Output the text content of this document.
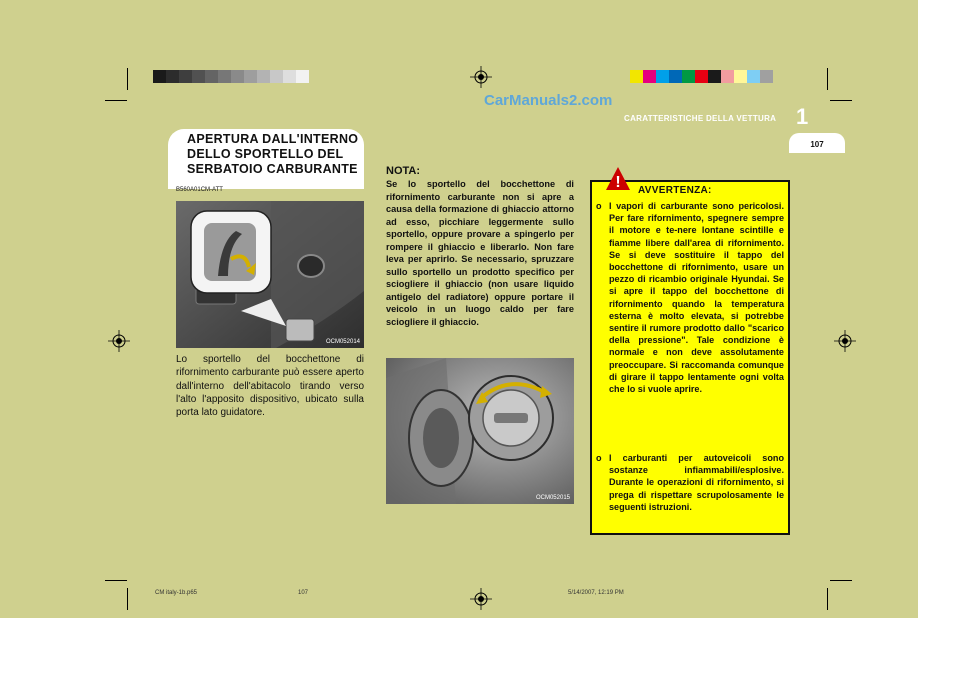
CarManuals2.com
CARATTERISTICHE DELLA VETTURA 1
107
APERTURA DALL'INTERNO DELLO SPORTELLO DEL SERBATOIO CARBURANTE
B560A01CM-ATT
OCM052014
Lo sportello del bocchettone di rifornimento carburante può essere aperto dall'interno dell'abitacolo tirando verso l'alto l'apposito dispositivo, ubicato sulla porta lato guidatore.
NOTA:
Se lo sportello del bocchettone di rifornimento carburante non si apre a causa della formazione di ghiaccio attorno ad esso, picchiare leggermente sullo sportello, oppure provare a spingerlo per rompere il ghiaccio e liberarlo. Non fare leva per aprirlo. Se necessario, spruzzare sullo sportello un prodotto specifico per sciogliere il ghiaccio (non usare liquido antigelo del radiatore) oppure portare il veicolo in un luogo caldo per fare sciogliere il ghiaccio.
OCM052015
! AVVERTENZA:
o I vapori di carburante sono pericolosi. Per fare rifornimento, spegnere sempre il motore e te-nere lontane scintille e fiamme libere dall'area di rifornimento. Se si deve sostituire il tappo del bocchettone di rifornimento, usare un pezzo di ricambio originale Hyundai. Se si apre il tappo del bocchettone di rifornimento quando la temperatura esterna è molto elevata, si potrebbe sentire il rumore prodotto dallo "scarico della pressione". Tale condizione è normale e non deve assolutamente preoccupare. Si raccomanda comunque di girare il tappo lentamente ogni volta che lo si vuole aprire.
o I carburanti per autoveicoli sono sostanze infiammabili/esplosive. Durante le operazioni di rifornimento, si prega di rispettare scrupolosamente le seguenti istruzioni.
CM italy-1b.p65	107	5/14/2007, 12:19 PM
